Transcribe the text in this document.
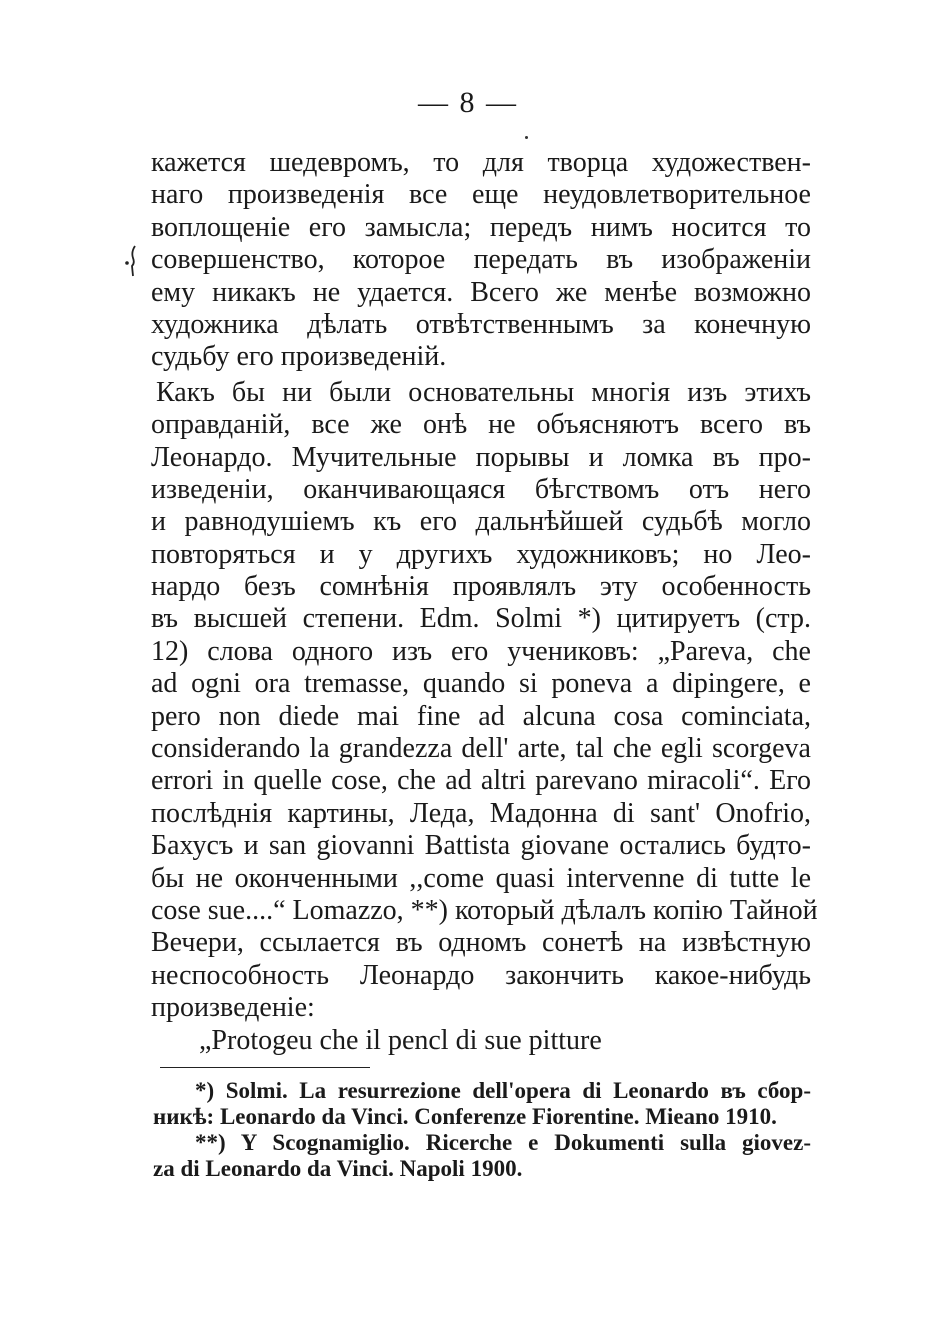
— 8 —
кажется шедевромъ, то для творца художествен-
наго произведенія все еще неудовлетворительное
воплощеніе его замысла; передъ нимъ носится то
совершенство, которое передать въ изображеніи
ему никакъ не удается. Всего же менѣе возможно
художника дѣлать отвѣтственнымъ за конечную
судьбу его произведеній.
Какъ бы ни были основательны многія изъ этихъ
оправданій, все же онѣ не объясняютъ всего въ
Леонардо. Мучительные порывы и ломка въ про-
изведеніи, оканчивающаяся бѣгствомъ отъ него
и равнодушіемъ къ его дальнѣйшей судьбѣ могло
повторяться и у другихъ художниковъ; но Лео-
нардо безъ сомнѣнія проявлялъ эту особенность
въ высшей степени. Edm. Solmi *) цитируетъ (стр.
12) слова одного изъ его учениковъ: „Pareva, che
ad ogni ora tremasse, quando si poneva a dipingere, e
pero non diede mai fine ad alcuna cosa cominciata,
considerando la grandezza dell' arte, tal che egli scorgeva
errori in quelle cose, che ad altri parevano miracoli“. Его
послѣднія картины, Леда, Мадонна di sant' Onofrio,
Бахусъ и san giovanni Battista giovane остались будто-
бы не оконченными ,,come quasi intervenne di tutte le
cose sue....“ Lomazzo, **) который дѣлалъ копію Тайной
Вечери, ссылается въ одномъ сонетѣ на извѣстную
неспособность Леонардо закончить какое-нибудь
произведеніе:
„Protogeu che il pencl di sue pitture
*) Solmi. La resurrezione dell'opera di Leonardo въ сбор-
никѣ: Leonardo da Vinci. Conferenze Fiorentine. Mieano 1910.
**) Y Scognamiglio. Ricerche e Dokumenti sulla giovez-
za di Leonardo da Vinci. Napoli 1900.
